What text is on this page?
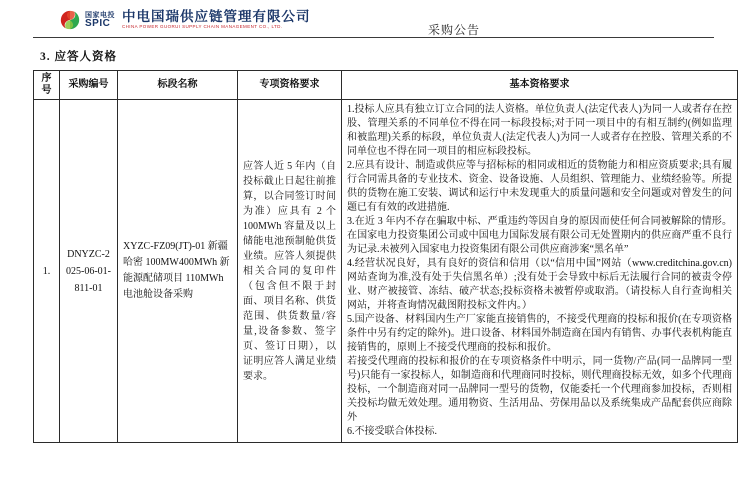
国家电投
SPIC 中电国瑞供应链管理有限公司
CHINA POWER GUORUI SUPPLY CHAIN MANAGEMENT CO., LTD.	采购公告
3. 应答人资格
序号	采购编号	标段名称	专项资格要求	基本资格要求
1.	DNYZC-2025-06-01-811-01	XYZC-FZ09(JT)-01 新疆哈密 100MW400MWh 新能源配储项目 110MWh 电池舱设备采购	应答人近 5 年内（自投标截止日起往前推算，以合同签订时间为准）应具有 2 个 100MWh 容量及以上储能电池预制舱供货业绩。应答人须提供相关合同的复印件（包含但不限于封面、项目名称、供货范围、供货数量/容量,设备参数、签字页、签订日期），以证明应答人满足业绩要求。	
1.投标人应具有独立订立合同的法人资格。单位负责人(法定代表人)为同一人或者存在控股、管理关系的不同单位不得在同一标段投标;对于同一项目中的有相互制约(例如监理和被监理)关系的标段，单位负责人(法定代表人)为同一人或者存在控股、管理关系的不同单位也不得在同一项目的相应标段投标。
2.应具有设计、制造或供应等与招标标的相同或相近的货物能力和相应资质要求;具有履行合同需具备的专业技术、资金、设备设施、人员组织、管理能力、业绩经验等。所提供的货物在施工安装、调试和运行中未发现重大的质量问题和安全问题或对曾发生的问题已有有效的改进措施.
3.在近 3 年内不存在骗取中标、严重违约等因自身的原因而使任何合同被解除的情形。在国家电力投资集团公司或中国电力国际发展有限公司无处置期内的供应商严重不良行为记录.未被列入国家电力投资集团有限公司供应商涉案“黑名单”
4.经营状况良好，具有良好的资信和信用（以“信用中国”网站（www.creditchina.gov.cn)网站查询为准,没有处于失信黑名单）;没有处于会导致中标后无法履行合同的被责令停业、财产被接管、冻结、破产状态;投标资格未被暂停或取消。（请投标人自行查询相关网站，并将查询情况截图附投标文件内。）
5.国产设备、材料国内生产厂家能直接销售的，不接受代理商的投标和报价(在专项资格条件中另有约定的除外)。进口设备、材料国外制造商在国内有销售、办事代表机构能直接销售的，原则上不接受代理商的投标和报价。
若接受代理商的投标和报价的在专项资格条件中明示，同一货物/产品(同一品牌同一型号)只能有一家投标人，如制造商和代理商同时投标，则代理商投标无效，如多个代理商投标，一个制造商对同一品牌同一型号的货物，仅能委托一个代理商参加投标，否则相关投标均做无效处理。通用物资、生活用品、劳保用品以及系统集成产品配套供应商除外
6.不接受联合体投标.
